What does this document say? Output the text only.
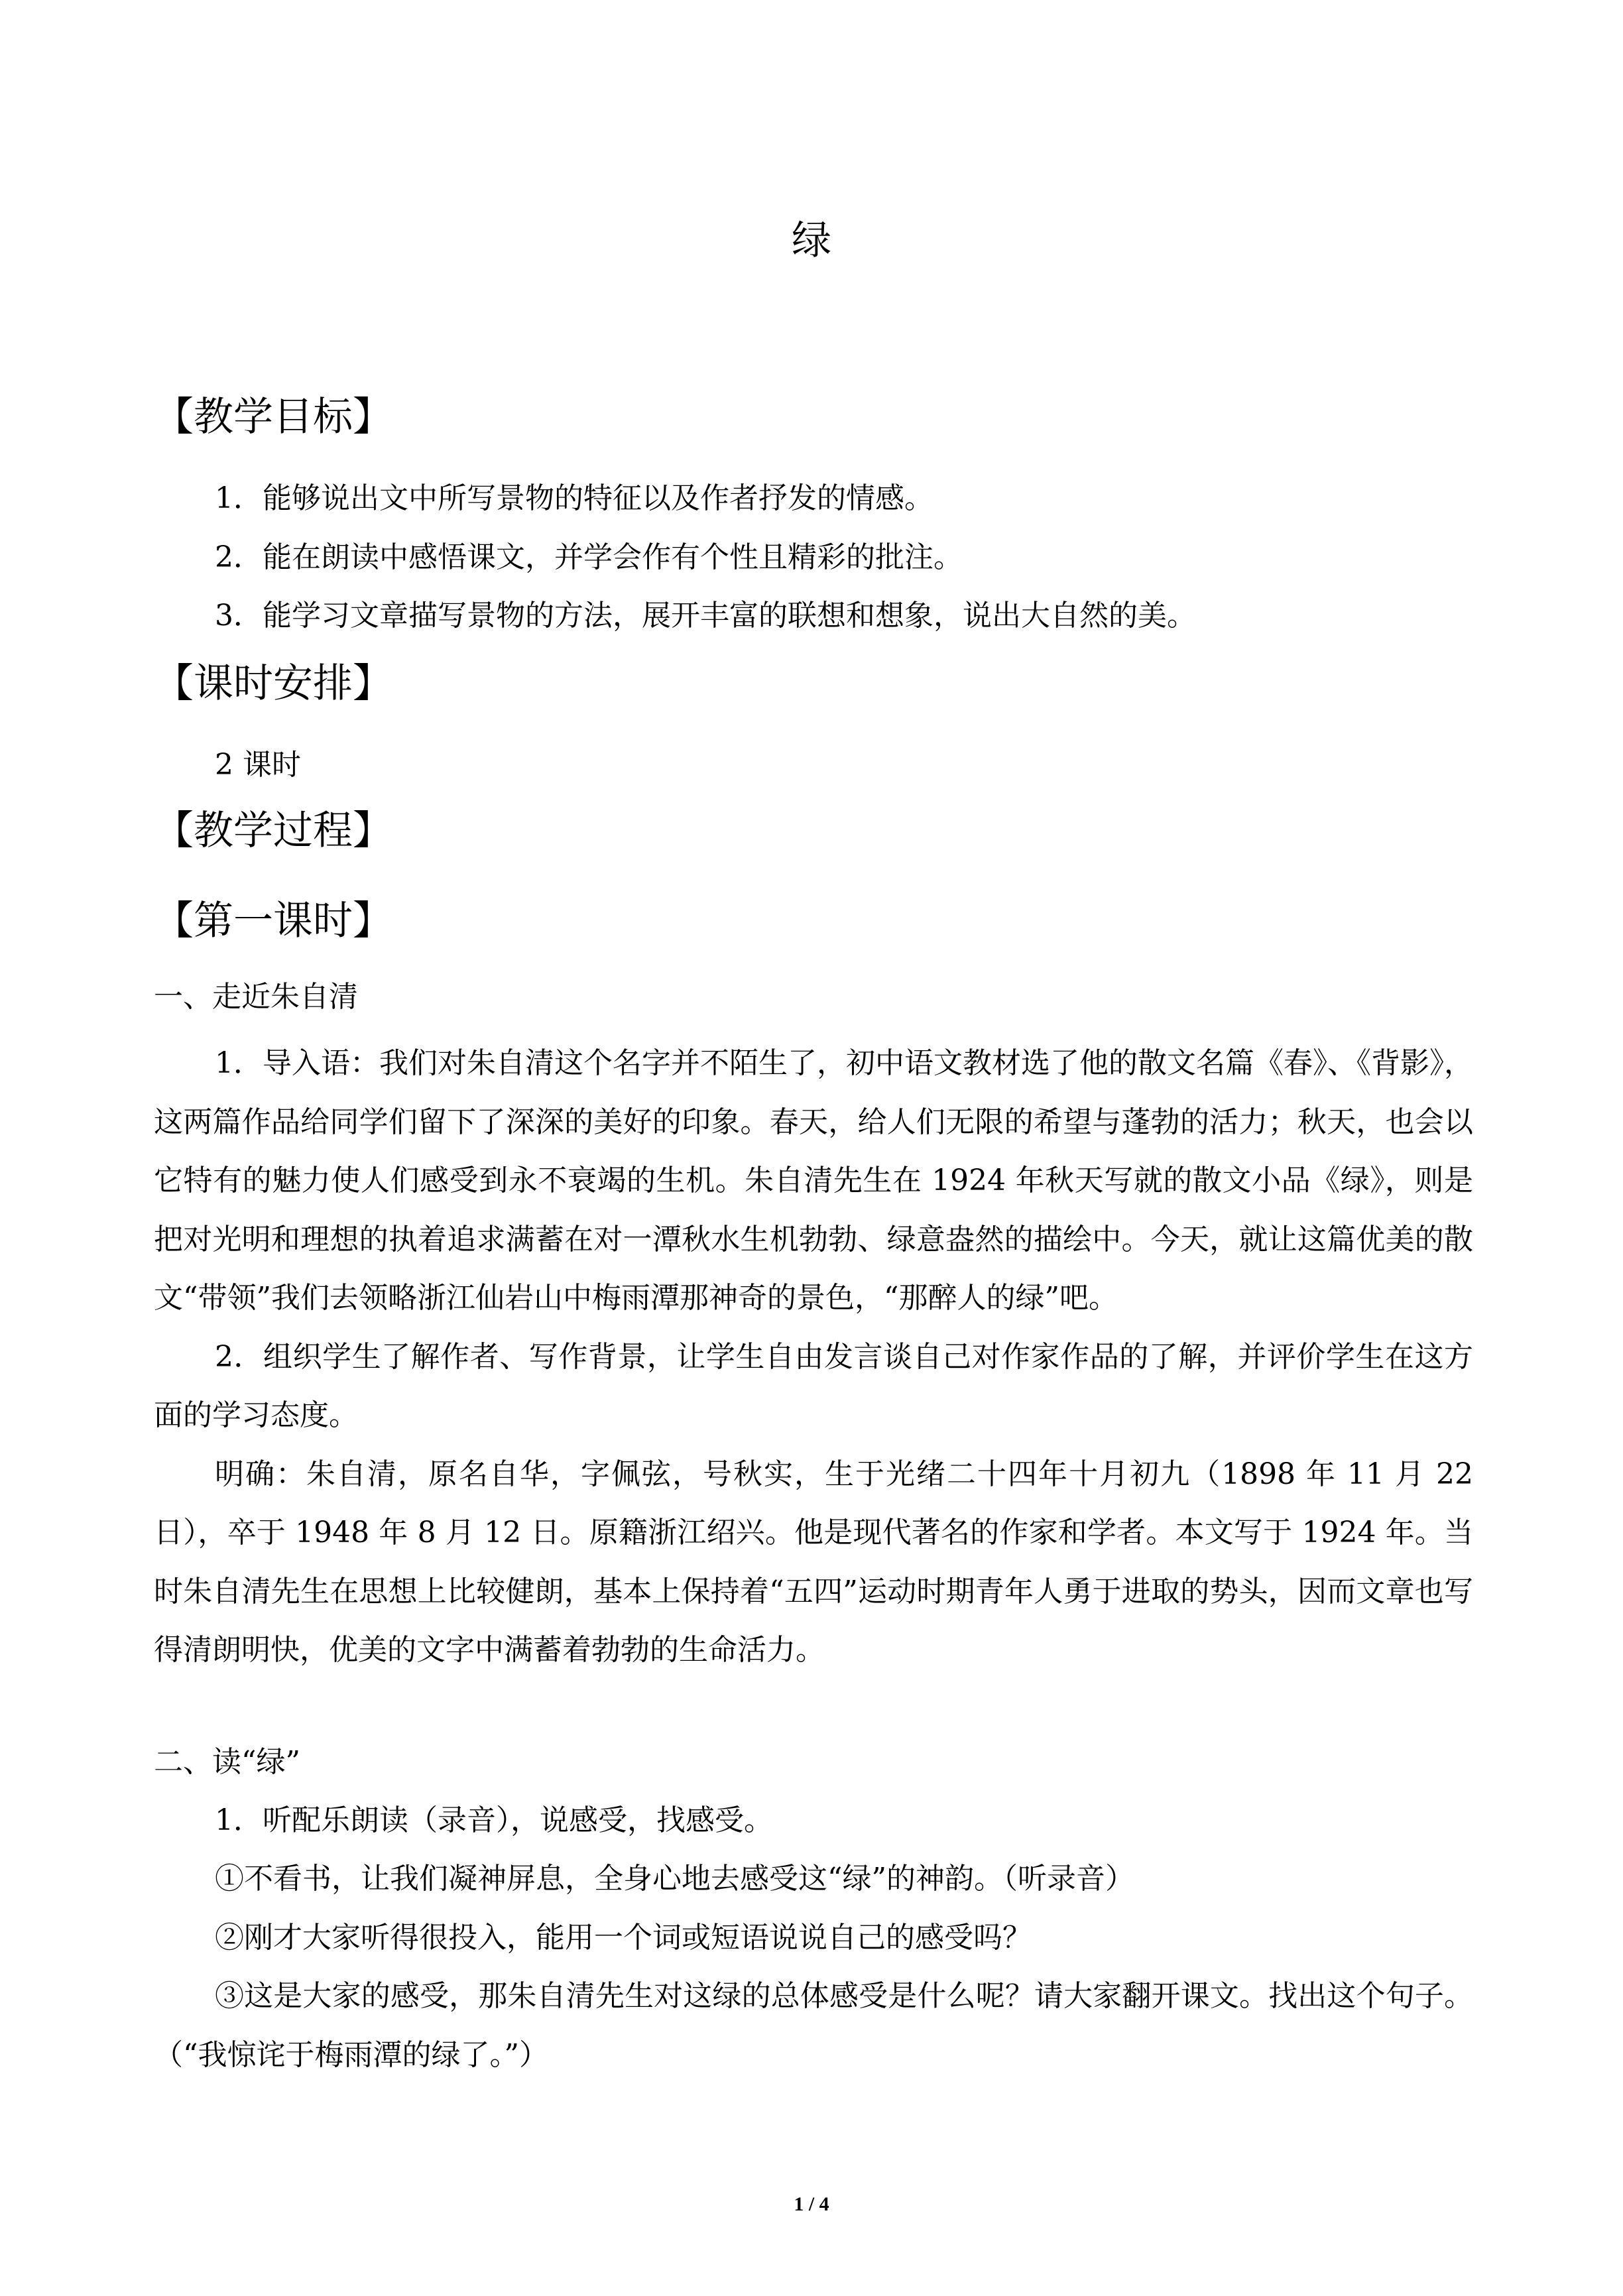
绿
【教学目标】
1．能够说出文中所写景物的特征以及作者抒发的情感。
2．能在朗读中感悟课文，并学会作有个性且精彩的批注。
3．能学习文章描写景物的方法，展开丰富的联想和想象，说出大自然的美。
【课时安排】
2 课时
【教学过程】
【第一课时】
一、走近朱自清

1．导入语：我们对朱自清这个名字并不陌生了，初中语文教材选了他的散文名篇《春》、《背影》，这两篇作品给同学们留下了深深的美好的印象。春天，给人们无限的希望与蓬勃的活力；秋天，也会以它特有的魅力使人们感受到永不衰竭的生机。朱自清先生在 1924 年秋天写就的散文小品《绿》，则是把对光明和理想的执着追求满蓄在对一潭秋水生机勃勃、绿意盎然的描绘中。今天，就让这篇优美的散文“带领”我们去领略浙江仙岩山中梅雨潭那神奇的景色，“那醉人的绿”吧。

2．组织学生了解作者、写作背景，让学生自由发言谈自己对作家作品的了解，并评价学生在这方面的学习态度。

明确：朱自清，原名自华，字佩弦，号秋实，生于光绪二十四年十月初九（1898 年 11 月 22 日），卒于 1948 年 8 月 12 日。原籍浙江绍兴。他是现代著名的作家和学者。本文写于 1924 年。当时朱自清先生在思想上比较健朗，基本上保持着“五四”运动时期青年人勇于进取的势头，因而文章也写得清朗明快，优美的文字中满蓄着勃勃的生命活力。

二、读“绿”
1．听配乐朗读（录音），说感受，找感受。
①不看书，让我们凝神屏息，全身心地去感受这“绿”的神韵。（听录音）
②刚才大家听得很投入，能用一个词或短语说说自己的感受吗？

③这是大家的感受，那朱自清先生对这绿的总体感受是什么呢？请大家翻开课文。找出这个句子。（“我惊诧于梅雨潭的绿了。”）

1 / 4
